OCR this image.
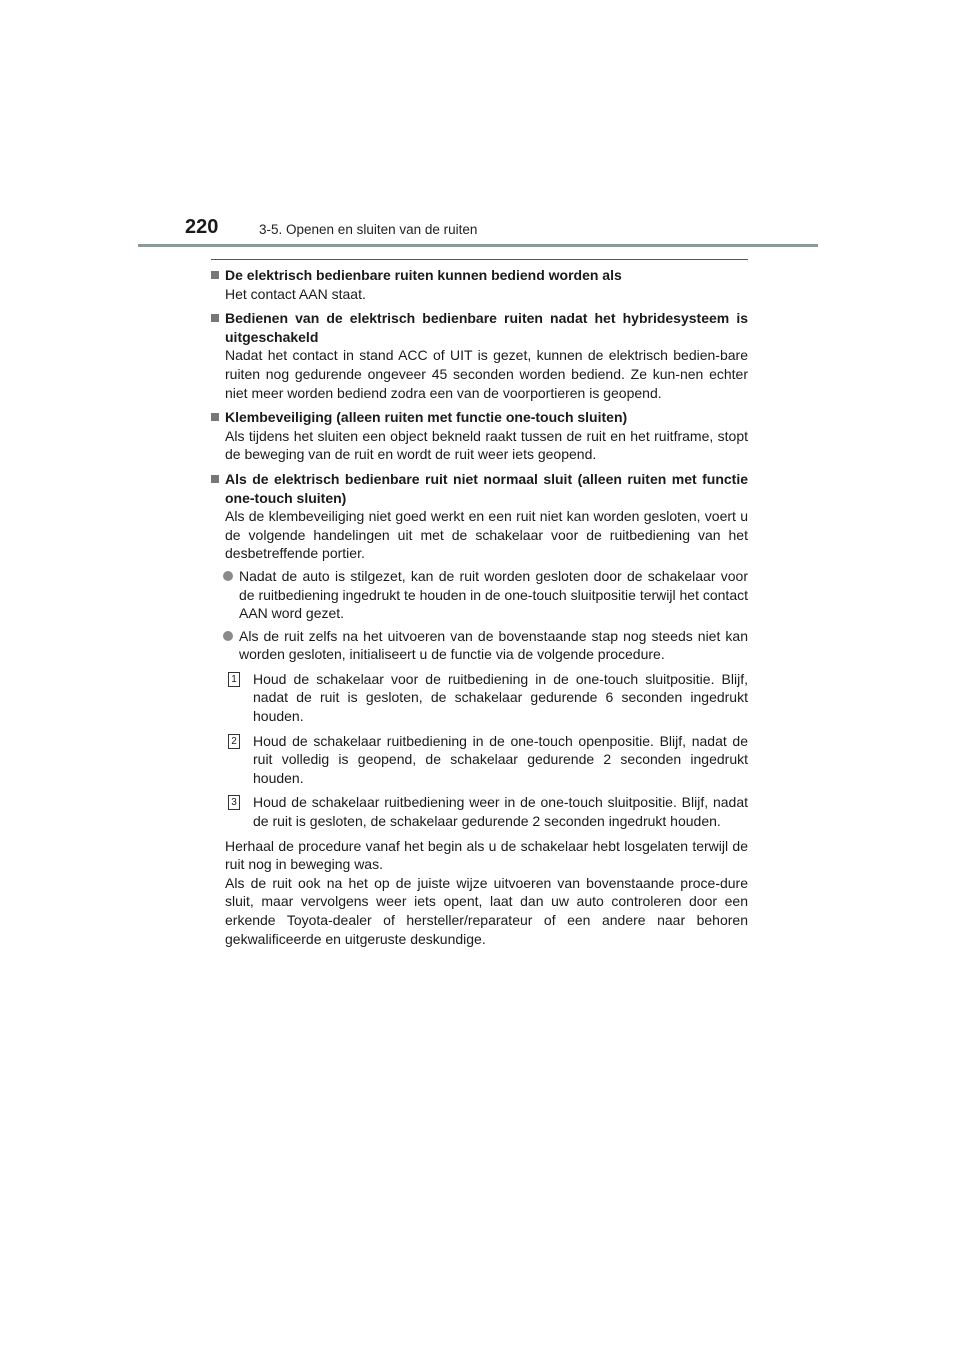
220	3-5. Openen en sluiten van de ruiten
De elektrisch bedienbare ruiten kunnen bediend worden als
Het contact AAN staat.
Bedienen van de elektrisch bedienbare ruiten nadat het hybridesysteem is uitgeschakeld
Nadat het contact in stand ACC of UIT is gezet, kunnen de elektrisch bedien-bare ruiten nog gedurende ongeveer 45 seconden worden bediend. Ze kun-nen echter niet meer worden bediend zodra een van de voorportieren is geopend.
Klembeveiliging (alleen ruiten met functie one-touch sluiten)
Als tijdens het sluiten een object bekneld raakt tussen de ruit en het ruitframe, stopt de beweging van de ruit en wordt de ruit weer iets geopend.
Als de elektrisch bedienbare ruit niet normaal sluit (alleen ruiten met functie one-touch sluiten)
Als de klembeveiliging niet goed werkt en een ruit niet kan worden gesloten, voert u de volgende handelingen uit met de schakelaar voor de ruitbediening van het desbetreffende portier.
Nadat de auto is stilgezet, kan de ruit worden gesloten door de schakelaar voor de ruitbediening ingedrukt te houden in de one-touch sluitpositie terwijl het contact AAN word gezet.
Als de ruit zelfs na het uitvoeren van de bovenstaande stap nog steeds niet kan worden gesloten, initialiseert u de functie via de volgende procedure.
1 Houd de schakelaar voor de ruitbediening in de one-touch sluitpositie. Blijf, nadat de ruit is gesloten, de schakelaar gedurende 6 seconden ingedrukt houden.
2 Houd de schakelaar ruitbediening in de one-touch openpositie. Blijf, nadat de ruit volledig is geopend, de schakelaar gedurende 2 seconden ingedrukt houden.
3 Houd de schakelaar ruitbediening weer in de one-touch sluitpositie. Blijf, nadat de ruit is gesloten, de schakelaar gedurende 2 seconden ingedrukt houden.
Herhaal de procedure vanaf het begin als u de schakelaar hebt losgelaten terwijl de ruit nog in beweging was.
Als de ruit ook na het op de juiste wijze uitvoeren van bovenstaande proce-dure sluit, maar vervolgens weer iets opent, laat dan uw auto controleren door een erkende Toyota-dealer of hersteller/reparateur of een andere naar behoren gekwalificeerde en uitgeruste deskundige.
